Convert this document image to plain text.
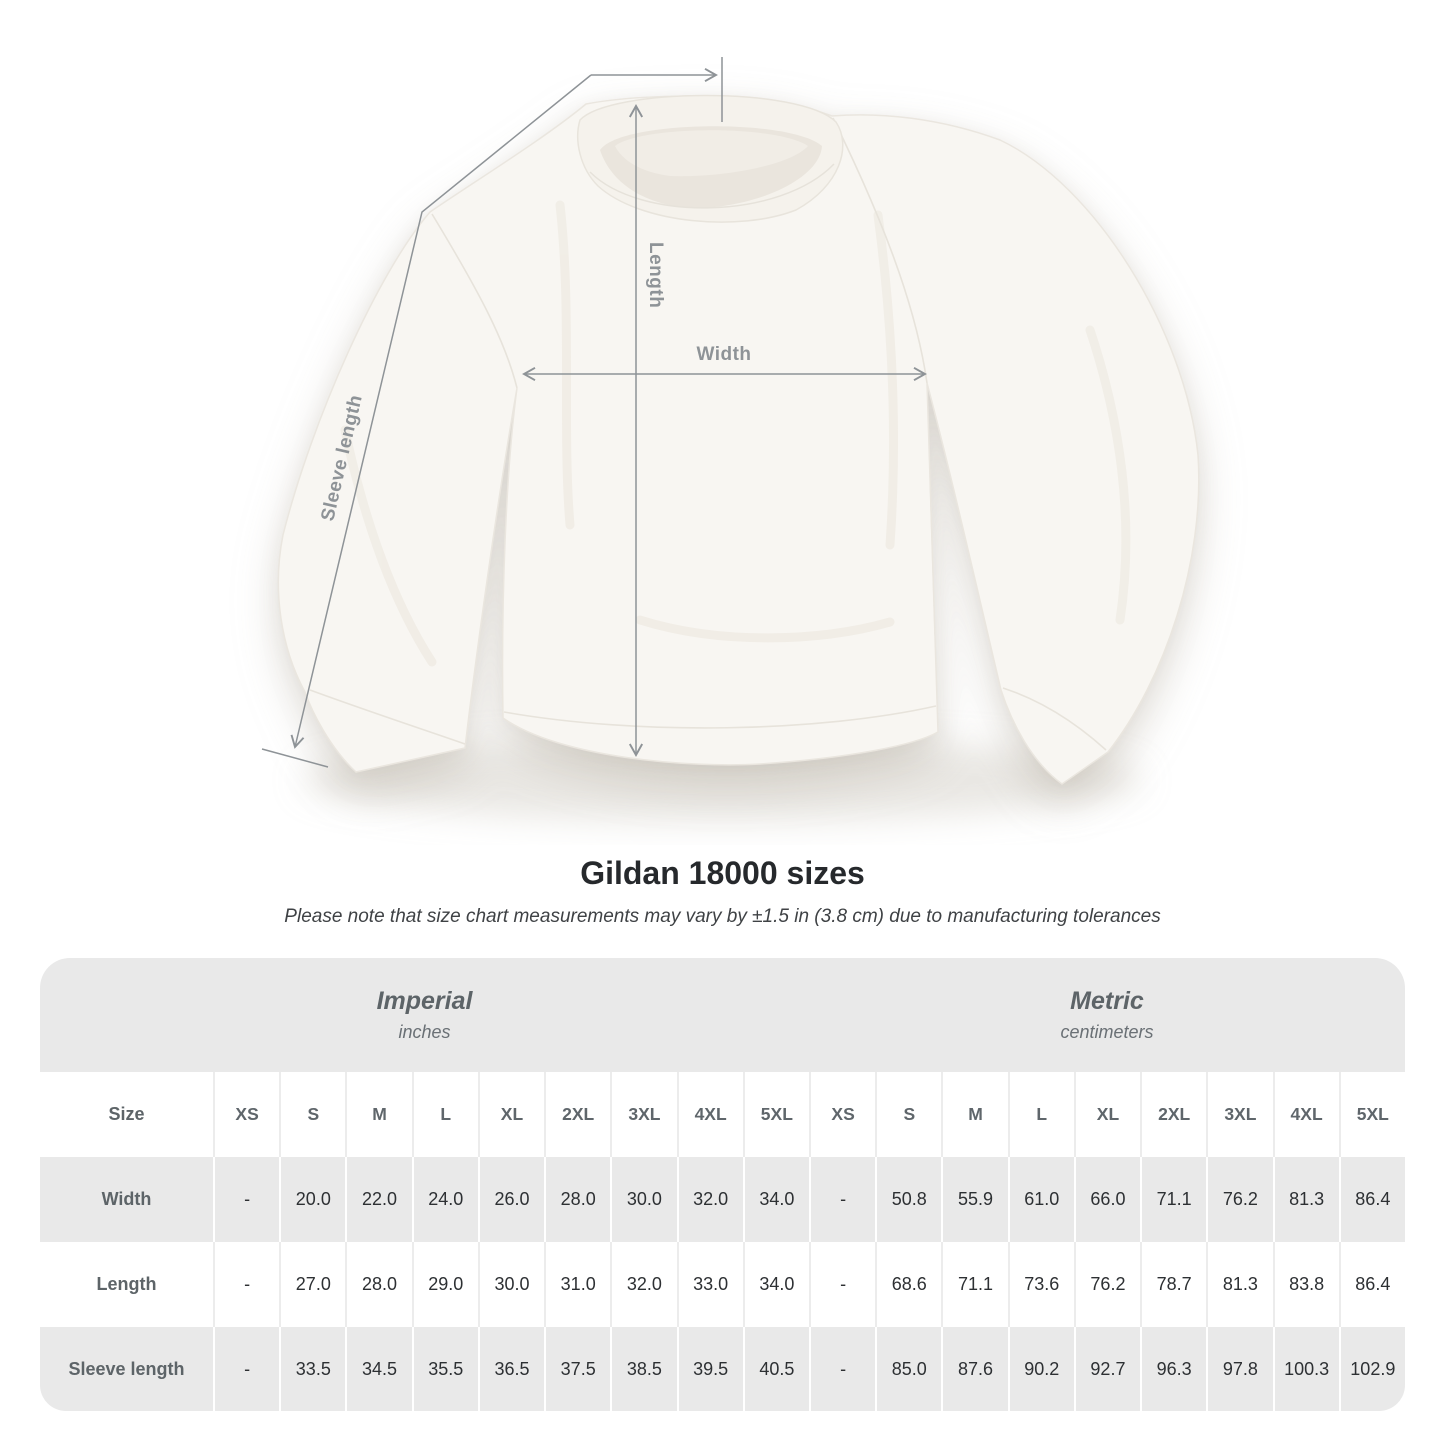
Width
Length
Sleeve length
Gildan 18000 sizes
Please note that size chart measurements may vary by ±1.5 in (3.8 cm) due to manufacturing tolerances
Imperial
inches
Metric
centimeters
Size	XS	S	M	L	XL	2XL	3XL	4XL	5XL	XS	S	M	L	XL	2XL	3XL	4XL	5XL
Width	-	20.0	22.0	24.0	26.0	28.0	30.0	32.0	34.0	-	50.8	55.9	61.0	66.0	71.1	76.2	81.3	86.4
Length	-	27.0	28.0	29.0	30.0	31.0	32.0	33.0	34.0	-	68.6	71.1	73.6	76.2	78.7	81.3	83.8	86.4
Sleeve length	-	33.5	34.5	35.5	36.5	37.5	38.5	39.5	40.5	-	85.0	87.6	90.2	92.7	96.3	97.8	100.3	102.9
